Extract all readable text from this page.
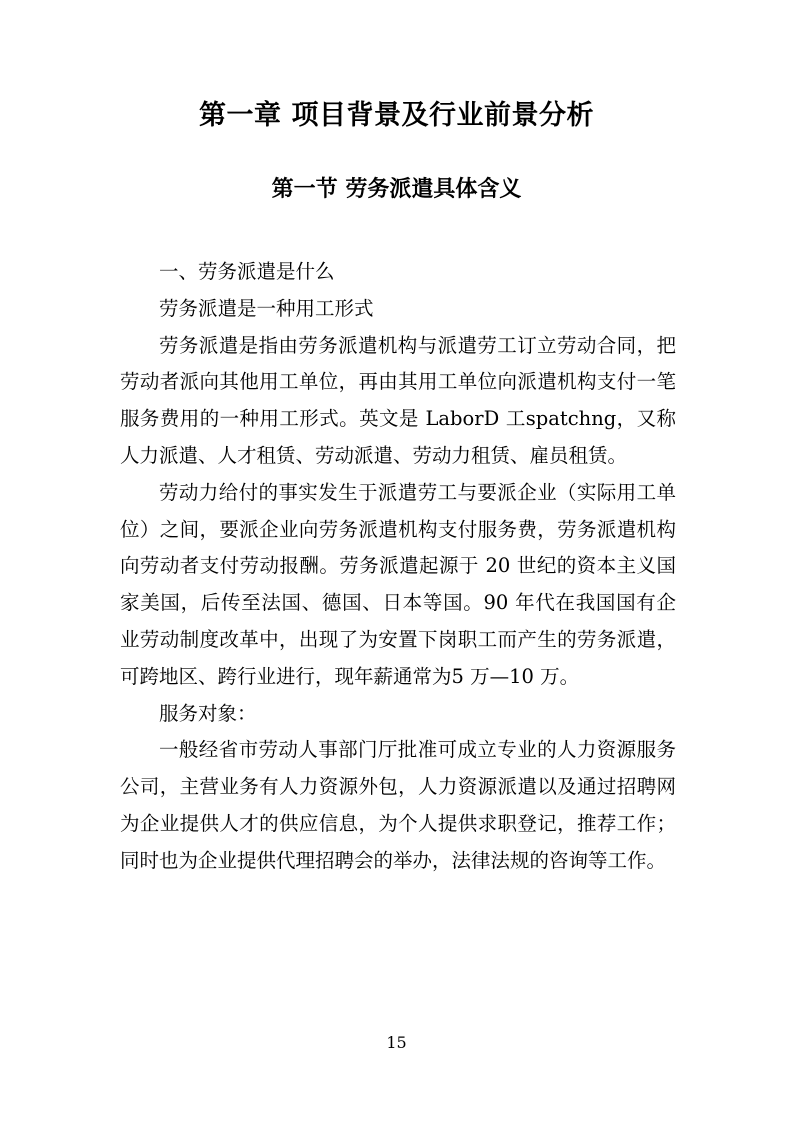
第一章 项目背景及行业前景分析
第一节 劳务派遣具体含义

一、劳务派遣是什么

劳务派遣是一种用工形式

劳务派遣是指由劳务派遣机构与派遣劳工订立劳动合同，把劳动者派向其他用工单位，再由其用工单位向派遣机构支付一笔服务费用的一种用工形式。英文是 LaborD 工spatchng，又称人力派遣、人才租赁、劳动派遣、劳动力租赁、雇员租赁。

劳动力给付的事实发生于派遣劳工与要派企业（实际用工单位）之间，要派企业向劳务派遣机构支付服务费，劳务派遣机构向劳动者支付劳动报酬。劳务派遣起源于 20 世纪的资本主义国家美国，后传至法国、德国、日本等国。90 年代在我国国有企业劳动制度改革中，出现了为安置下岗职工而产生的劳务派遣，可跨地区、跨行业进行，现年薪通常为5 万—10 万。

服务对象：

一般经省市劳动人事部门厅批准可成立专业的人力资源服务公司，主营业务有人力资源外包，人力资源派遣以及通过招聘网为企业提供人才的供应信息，为个人提供求职登记，推荐工作；同时也为企业提供代理招聘会的举办，法律法规的咨询等工作。

15
